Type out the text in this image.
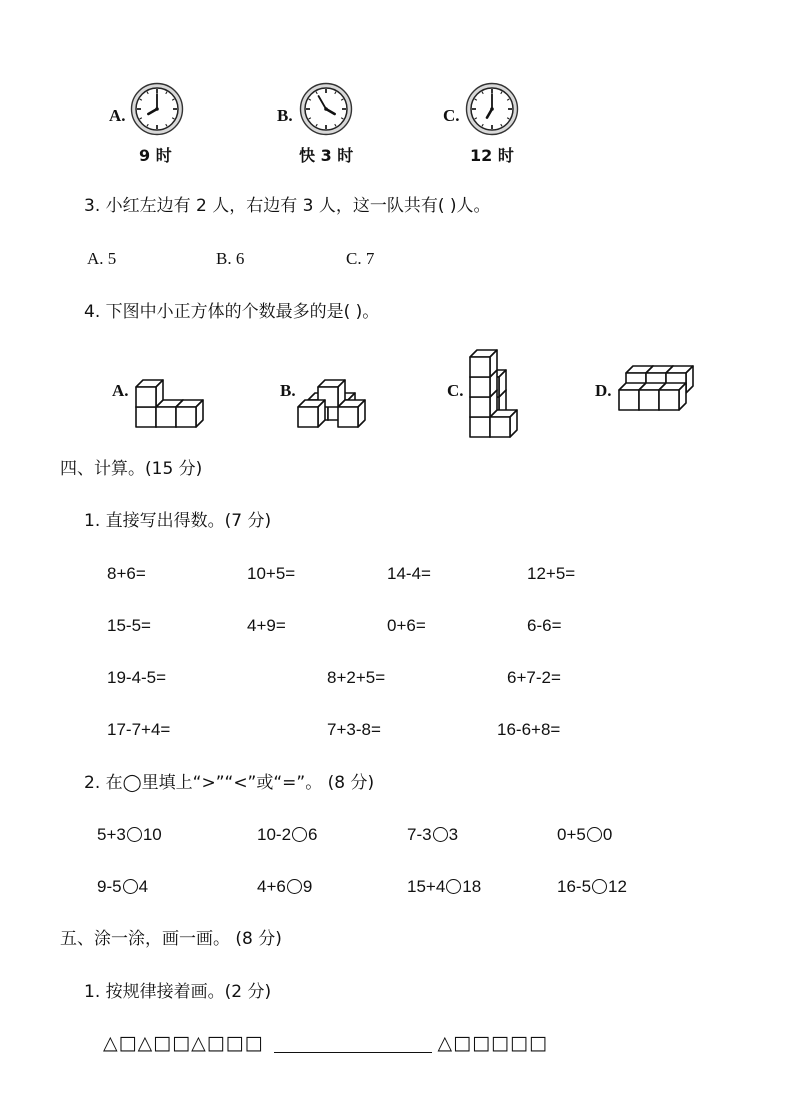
A.
9 时
B.
快 3 时
C.
12 时
3. 小红左边有 2 人，右边有 3 人，这一队共有( )人。
A. 5	B. 6	C. 7
4. 下图中小正方体的个数最多的是( )。
A.	B.	C.	D.
四、计算。(15 分)
1. 直接写出得数。(7 分)
8+6=	10+5=	14-4=	12+5=
15-5=	4+9=	0+6=	6-6=
19-4-5=	8+2+5=	6+7-2=
17-7+4=	7+3-8=	16-6+8=
2. 在◯里填上“>”“<”或“=”。 (8 分)
5+3 10	10-2 6	7-3 3	0+5 0
9-5 4	4+6 9	15+4 18	16-5 12
五、涂一涂，画一画。 (8 分)
1. 按规律接着画。(2 分)
△□△□□△□□□	△□□□□□
